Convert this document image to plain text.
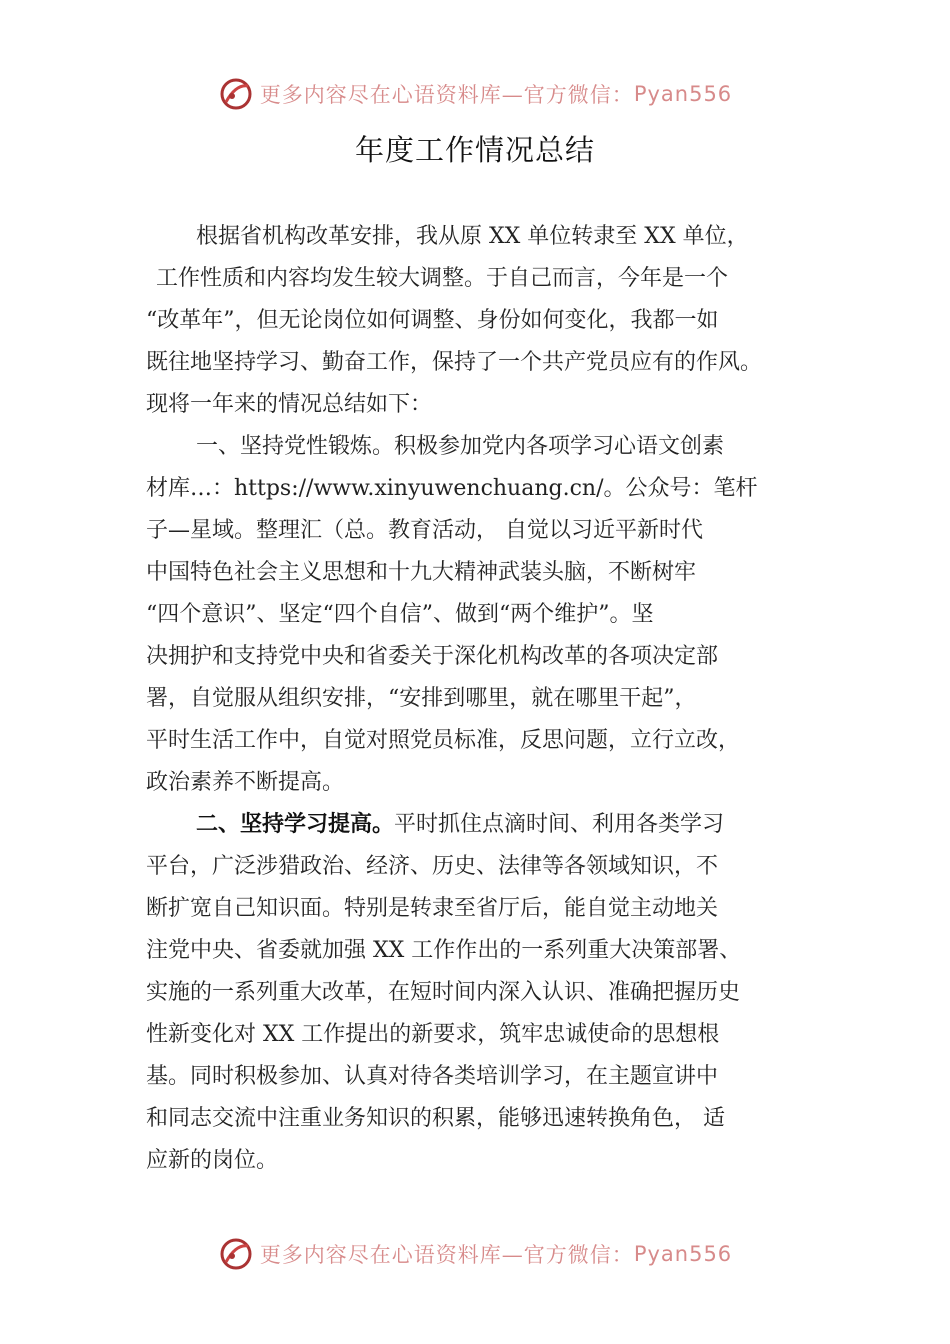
更多内容尽在心语资料库—官方微信： Pyan556
年度工作情况总结
根据省机构改革安排，我从原 XX 单位转隶至 XX 单位，
工作性质和内容均发生较大调整。于自己而言，今年是一个
“改革年”，但无论岗位如何调整、身份如何变化，我都一如
既往地坚持学习、勤奋工作，保持了一个共产党员应有的作风。
现将一年来的情况总结如下：
一、坚持党性锻炼。积极参加党内各项学习心语文创素
材库…：https://www.xinyuwenchuang.cn/。公众号：笔杆
子—星域。整理汇（总。教育活动， 自觉以习近平新时代
中国特色社会主义思想和十九大精神武装头脑，不断树牢
“四个意识”、坚定“四个自信”、做到“两个维护”。坚
决拥护和支持党中央和省委关于深化机构改革的各项决定部
署，自觉服从组织安排，“安排到哪里，就在哪里干起”，
平时生活工作中，自觉对照党员标准，反思问题，立行立改，
政治素养不断提高。
二、坚持学习提高。平时抓住点滴时间、利用各类学习
平台，广泛涉猎政治、经济、历史、法律等各领域知识，不
断扩宽自己知识面。特别是转隶至省厅后，能自觉主动地关
注党中央、省委就加强 XX 工作作出的一系列重大决策部署、
实施的一系列重大改革，在短时间内深入认识、准确把握历史
性新变化对 XX 工作提出的新要求，筑牢忠诚使命的思想根
基。同时积极参加、认真对待各类培训学习，在主题宣讲中
和同志交流中注重业务知识的积累，能够迅速转换角色， 适
应新的岗位。
更多内容尽在心语资料库—官方微信： Pyan556
